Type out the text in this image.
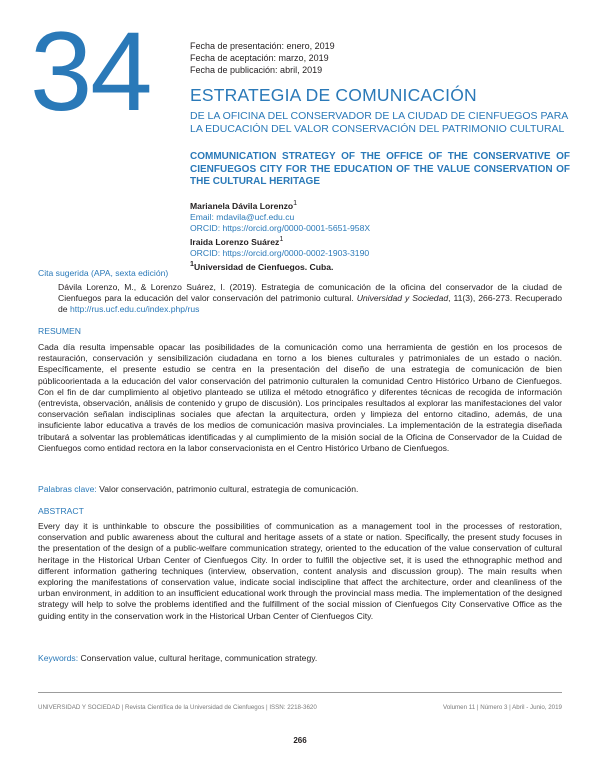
34	Fecha de presentación: enero, 2019
Fecha de aceptación: marzo, 2019
Fecha de publicación: abril, 2019
ESTRATEGIA DE COMUNICACIÓN
DE LA OFICINA DEL CONSERVADOR DE LA CIUDAD DE CIENFUEGOS PARA LA EDUCACIÓN DEL VALOR CONSERVACIÓN DEL PATRIMONIO CULTURAL
COMMUNICATION STRATEGY OF THE OFFICE OF THE CONSERVATIVE OF CIENFUEGOS CITY FOR THE EDUCATION OF THE VALUE CONSERVATION OF THE CULTURAL HERITAGE
Marianela Dávila Lorenzo$^1$
Email: mdavila@ucf.edu.cu
ORCID: https://orcid.org/0000-0001-5651-958X
Iraida Lorenzo Suárez$^1$
ORCID: https://orcid.org/0000-0002-1903-3190
$^1$Universidad de Cienfuegos. Cuba.
Cita sugerida (APA, sexta edición)
Dávila Lorenzo, M., & Lorenzo Suárez, I. (2019). Estrategia de comunicación de la oficina del conservador de la ciudad de Cienfuegos para la educación del valor conservación del patrimonio cultural. Universidad y Sociedad, 11(3), 266-273. Recuperado de http://rus.ucf.edu.cu/index.php/rus
RESUMEN
Cada día resulta impensable opacar las posibilidades de la comunicación como una herramienta de gestión en los procesos de restauración, conservación y sensibilización ciudadana en torno a los bienes culturales y patrimoniales de un estado o nación. Específicamente, el presente estudio se centra en la presentación del diseño de una estrategia de comunicación de bien públicoorientada a la educación del valor conservación del patrimonio culturalen la comunidad Centro Histórico Urbano de Cienfuegos. Con el fin de dar cumplimiento al objetivo planteado se utiliza el método etnográfico y diferentes técnicas de recogida de información (entrevista, observación, análisis de contenido y grupo de discusión). Los principales resultados al explorar las manifestaciones del valor conservación señalan indisciplinas sociales que afectan la arquitectura, orden y limpieza del entorno citadino, además, de una insuficiente labor educativa a través de los medios de comunicación masiva provinciales. La implementación de la estrategia diseñada tributará a solventar las problemáticas identificadas y al cumplimiento de la misión social de la Oficina de Conservador de la Cuidad de Cienfuegos como entidad rectora en la labor conservacionista en el Centro Histórico Urbano de Cienfuegos.
Palabras clave: Valor conservación, patrimonio cultural, estrategia de comunicación.
ABSTRACT
Every day it is unthinkable to obscure the possibilities of communication as a management tool in the processes of restoration, conservation and public awareness about the cultural and heritage assets of a state or nation. Specifically, the present study focuses in the presentation of the design of a public-welfare communication strategy, oriented to the education of the value conservation of cultural heritage in the Historical Urban Center of Cienfuegos City. In order to fulfill the objective set, it is used the ethnographic method and different information gathering techniques (interview, observation, content analysis and discussion group). The main results when exploring the manifestations of conservation value, indicate social indiscipline that affect the architecture, order and cleanliness of the urban environment, in addition to an insufficient educational work through the provincial mass media. The implementation of the designed strategy will help to solve the problems identified and the fulfillment of the social mission of Cienfuegos City Conservative Office as the guiding entity in the conservation work in the Historical Urban Center of Cienfuegos City.
Keywords: Conservation value, cultural heritage, communication strategy.
UNIVERSIDAD Y SOCIEDAD | Revista Científica de la Universidad de Cienfuegos | ISSN: 2218-3620	Volumen 11 | Número 3 | Abril - Junio, 2019
266
